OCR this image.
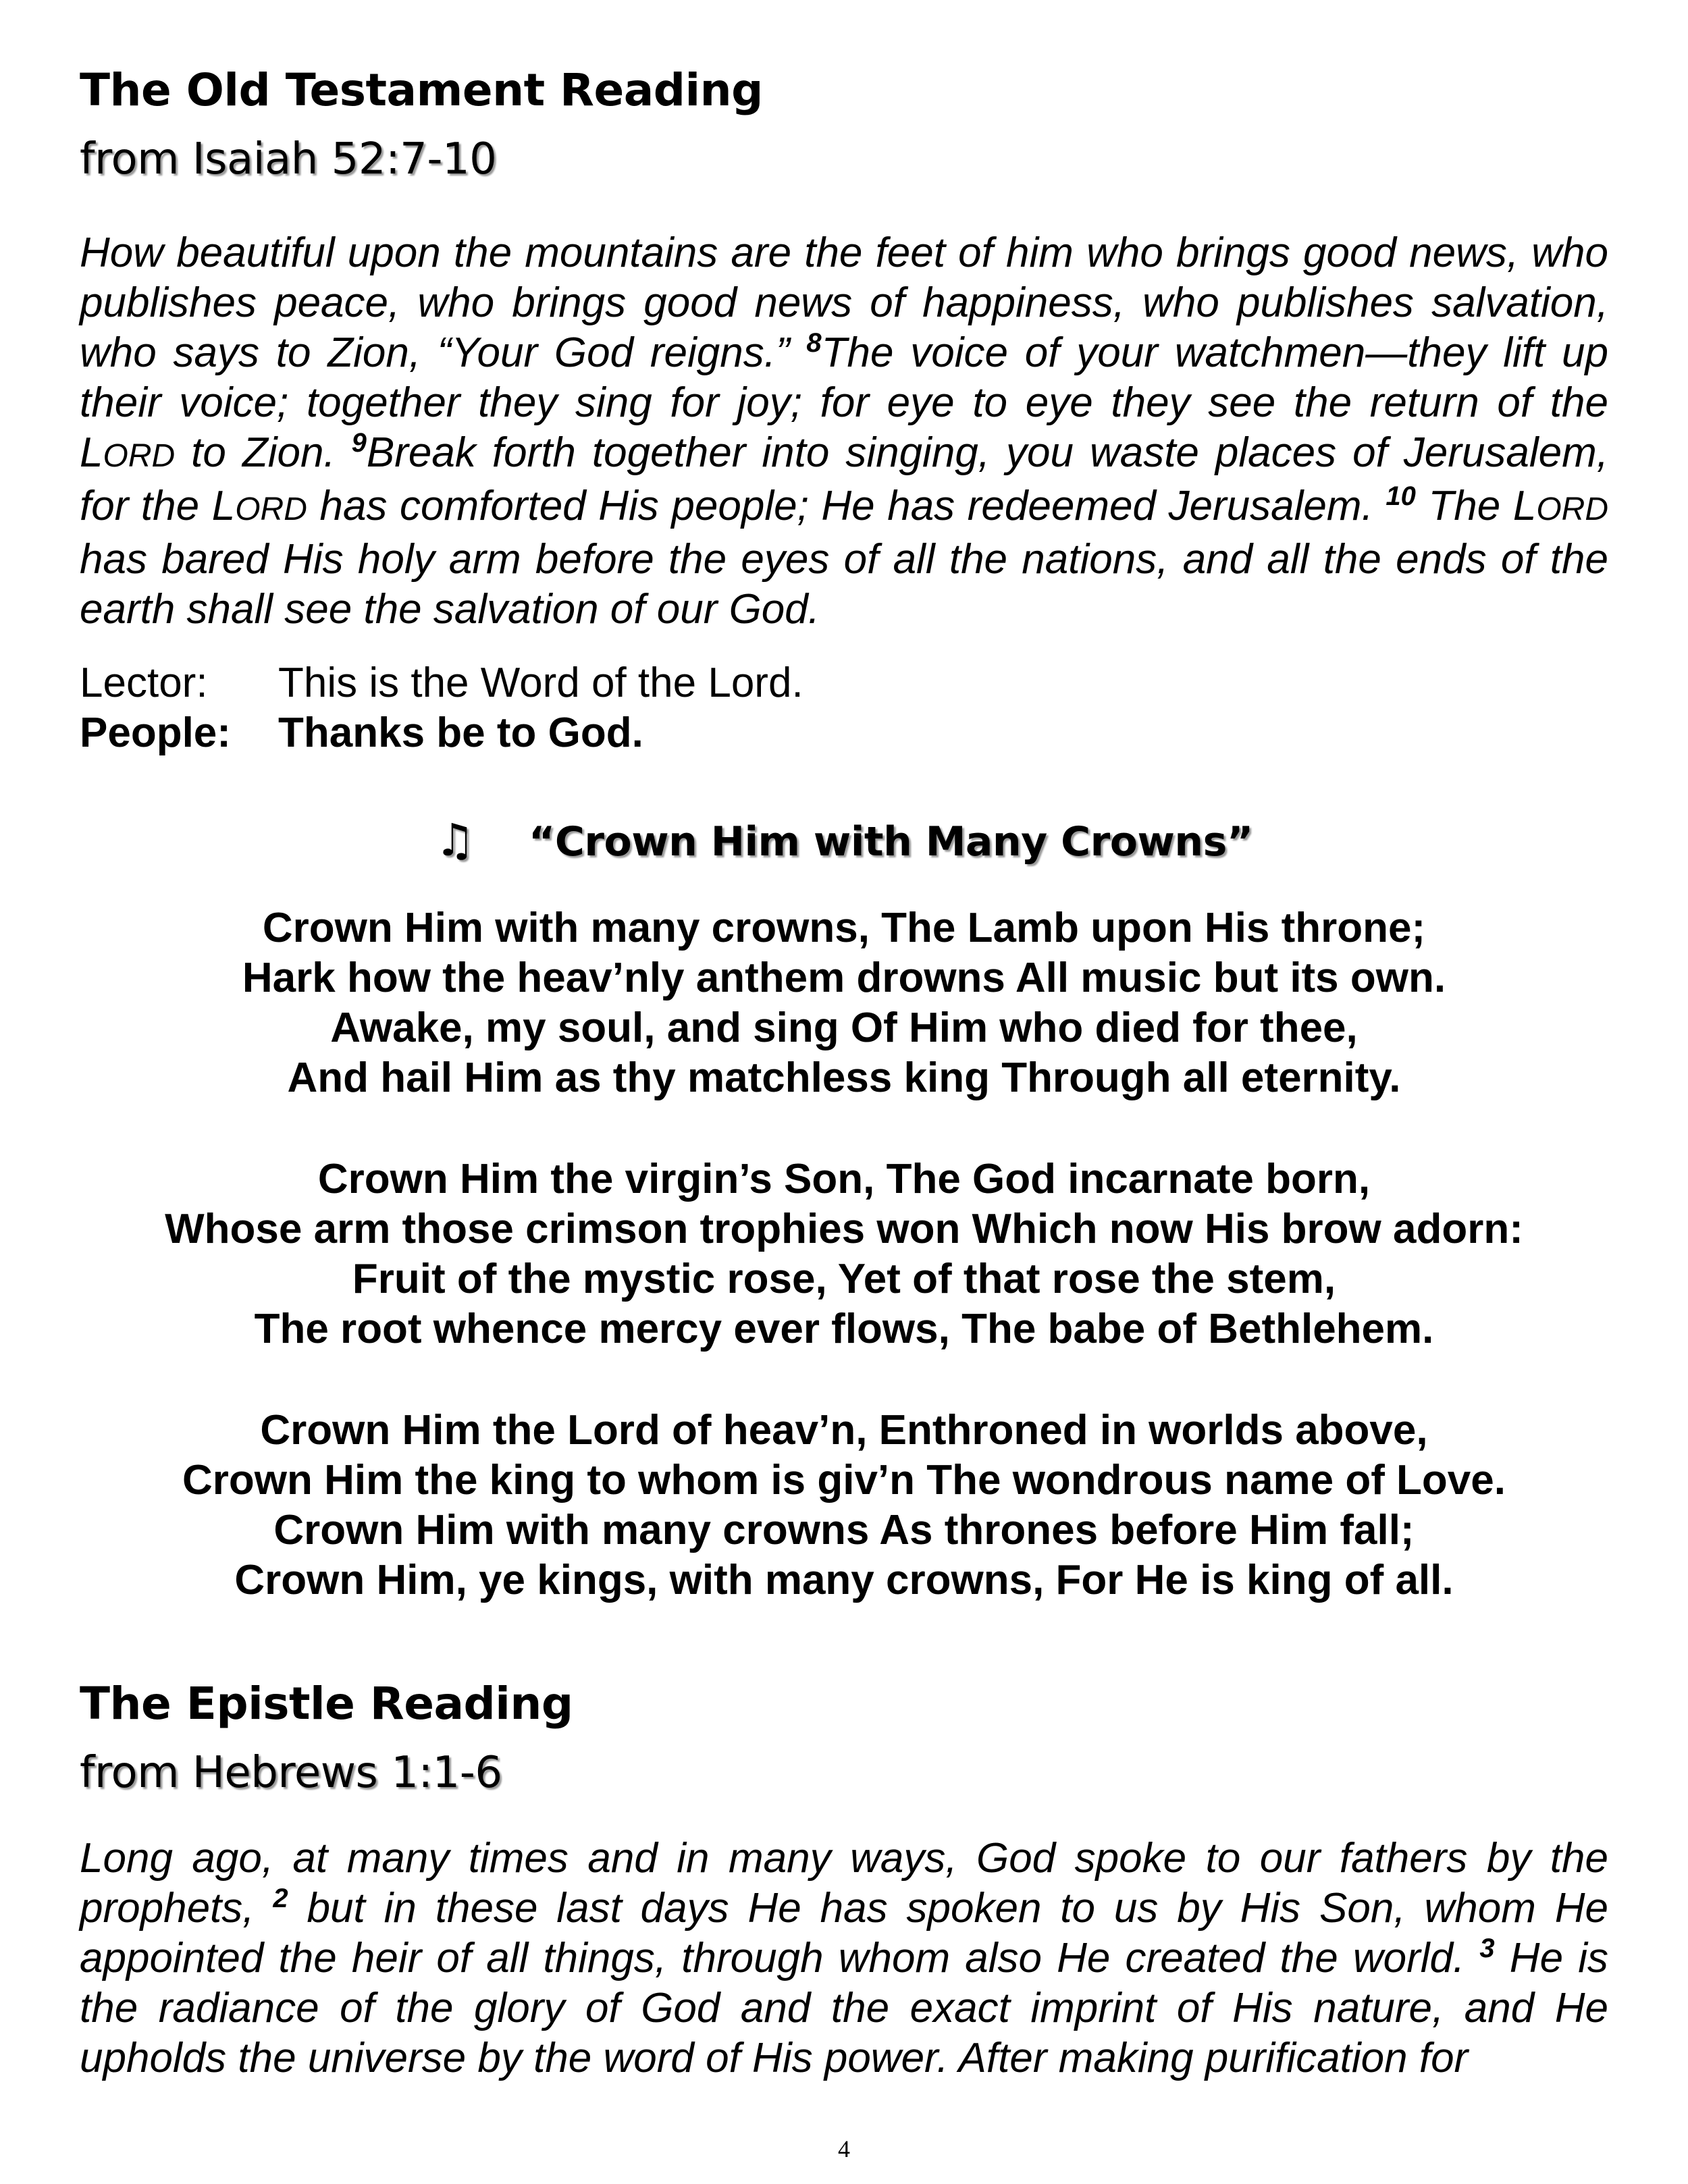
The Old Testament Reading
from Isaiah 52:7-10

How beautiful upon the mountains are the feet of him who brings good news, who publishes peace, who brings good news of happiness, who publishes salvation, who says to Zion, “Your God reigns.” $^8$The voice of your watchmen—they lift up their voice; together they sing for joy; for eye to eye they see the return of the LORD to Zion. $^9$Break forth together into singing, you waste places of Jerusalem, for the LORD has comforted His people; He has redeemed Jerusalem. $^{10}$ The LORD has bared His holy arm before the eyes of all the nations, and all the ends of the earth shall see the salvation of our God.

Lector: This is the Word of the Lord.
People: Thanks be to God.
♫ “Crown Him with Many Crowns”
Crown Him with many crowns, The Lamb upon His throne;
Hark how the heav’nly anthem drowns All music but its own.
Awake, my soul, and sing Of Him who died for thee,
And hail Him as thy matchless king Through all eternity.
Crown Him the virgin’s Son, The God incarnate born,
Whose arm those crimson trophies won Which now His brow adorn:
Fruit of the mystic rose, Yet of that rose the stem,
The root whence mercy ever flows, The babe of Bethlehem.
Crown Him the Lord of heav’n, Enthroned in worlds above,
Crown Him the king to whom is giv’n The wondrous name of Love.
Crown Him with many crowns As thrones before Him fall;
Crown Him, ye kings, with many crowns, For He is king of all.
The Epistle Reading
from Hebrews 1:1-6

Long ago, at many times and in many ways, God spoke to our fathers by the prophets, $^2$ but in these last days He has spoken to us by His Son, whom He appointed the heir of all things, through whom also He created the world. $^3$ He is the radiance of the glory of God and the exact imprint of His nature, and He upholds the universe by the word of His power. After making purification for

4
